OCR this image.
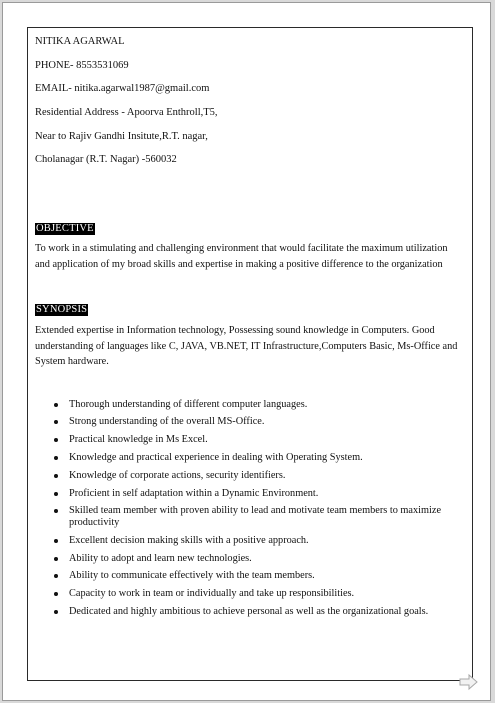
NITIKA AGARWAL

PHONE- 8553531069

EMAIL- nitika.agarwal1987@gmail.com

Residential Address - Apoorva Enthroll,T5,

Near to Rajiv Gandhi Insitute,R.T. nagar,

Cholanagar (R.T. Nagar) -560032

OBJECTIVE

To work in a stimulating and challenging environment that would facilitate the maximum utilization and application of my broad skills and expertise in making a positive difference to the organization

SYNOPSIS

Extended expertise in Information technology, Possessing sound knowledge in Computers. Good understanding of languages like C, JAVA, VB.NET, IT Infrastructure,Computers Basic, Ms-Office and System hardware.

Thorough understanding of different computer languages.
Strong understanding of the overall MS-Office.
Practical knowledge in Ms Excel.
Knowledge and practical experience in dealing with Operating System.
Knowledge of corporate actions, security identifiers.
Proficient in self adaptation within a Dynamic Environment.
Skilled team member with proven ability to lead and motivate team members to maximize productivity
Excellent decision making skills with a positive approach.
Ability to adopt and learn new technologies.
Ability to communicate effectively with the team members.
Capacity to work in team or individually and take up responsibilities.
Dedicated and highly ambitious to achieve personal as well as the organizational goals.
